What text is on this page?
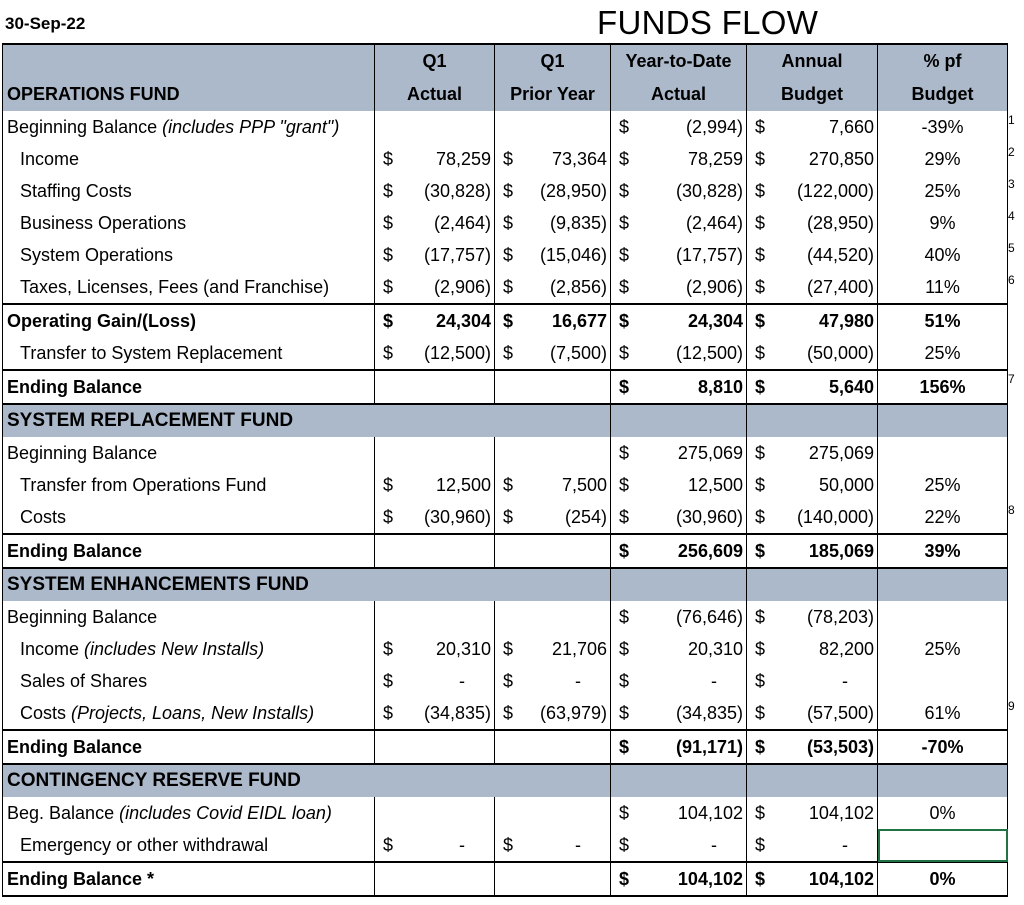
30-Sep-22	FUNDS FLOW
	Q1	Q1	Year-to-Date	Annual	% pf
OPERATIONS FUND	Actual	Prior Year	Actual	Budget	Budget
Beginning Balance (includes PPP "grant")			$ (2,994)	$ 7,660	-39%
Income	$ 78,259	$ 73,364	$ 78,259	$ 270,850	29%
Staffing Costs	$ (30,828)	$ (28,950)	$ (30,828)	$ (122,000)	25%
Business Operations	$ (2,464)	$ (9,835)	$ (2,464)	$ (28,950)	9%
System Operations	$ (17,757)	$ (15,046)	$ (17,757)	$ (44,520)	40%
Taxes, Licenses, Fees (and Franchise)	$ (2,906)	$ (2,856)	$ (2,906)	$ (27,400)	11%
Operating Gain/(Loss)	$ 24,304	$ 16,677	$ 24,304	$ 47,980	51%
Transfer to System Replacement	$ (12,500)	$ (7,500)	$ (12,500)	$ (50,000)	25%
Ending Balance			$ 8,810	$ 5,640	156%
SYSTEM REPLACEMENT FUND					
Beginning Balance			$ 275,069	$ 275,069	

Transfer from Operations Fund	$ 12,500	$ 7,500	$ 12,500	$ 50,000	25%
Costs	$ (30,960)	$ (254)	$ (30,960)	$ (140,000)	22%
Ending Balance			$ 256,609	$ 185,069	39%
SYSTEM ENHANCEMENTS FUND					
Beginning Balance			$ (76,646)	$ (78,203)	

Income (includes New Installs)	$ 20,310	$ 21,706	$ 20,310	$ 82,200	25%
Sales of Shares	$ -	$ -	$ -	$ -	

Costs (Projects, Loans, New Installs)	$ (34,835)	$ (63,979)	$ (34,835)	$ (57,500)	61%
Ending Balance			$ (91,171)	$ (53,503)	-70%
CONTINGENCY RESERVE FUND					
Beg. Balance (includes Covid EIDL loan)			$ 104,102	$ 104,102	0%
Emergency or other withdrawal	$ -	$ -	$ -	$ -	

Ending Balance *			$ 104,102	$ 104,102	0%
1
2
3
4
5
6
7
8
9
